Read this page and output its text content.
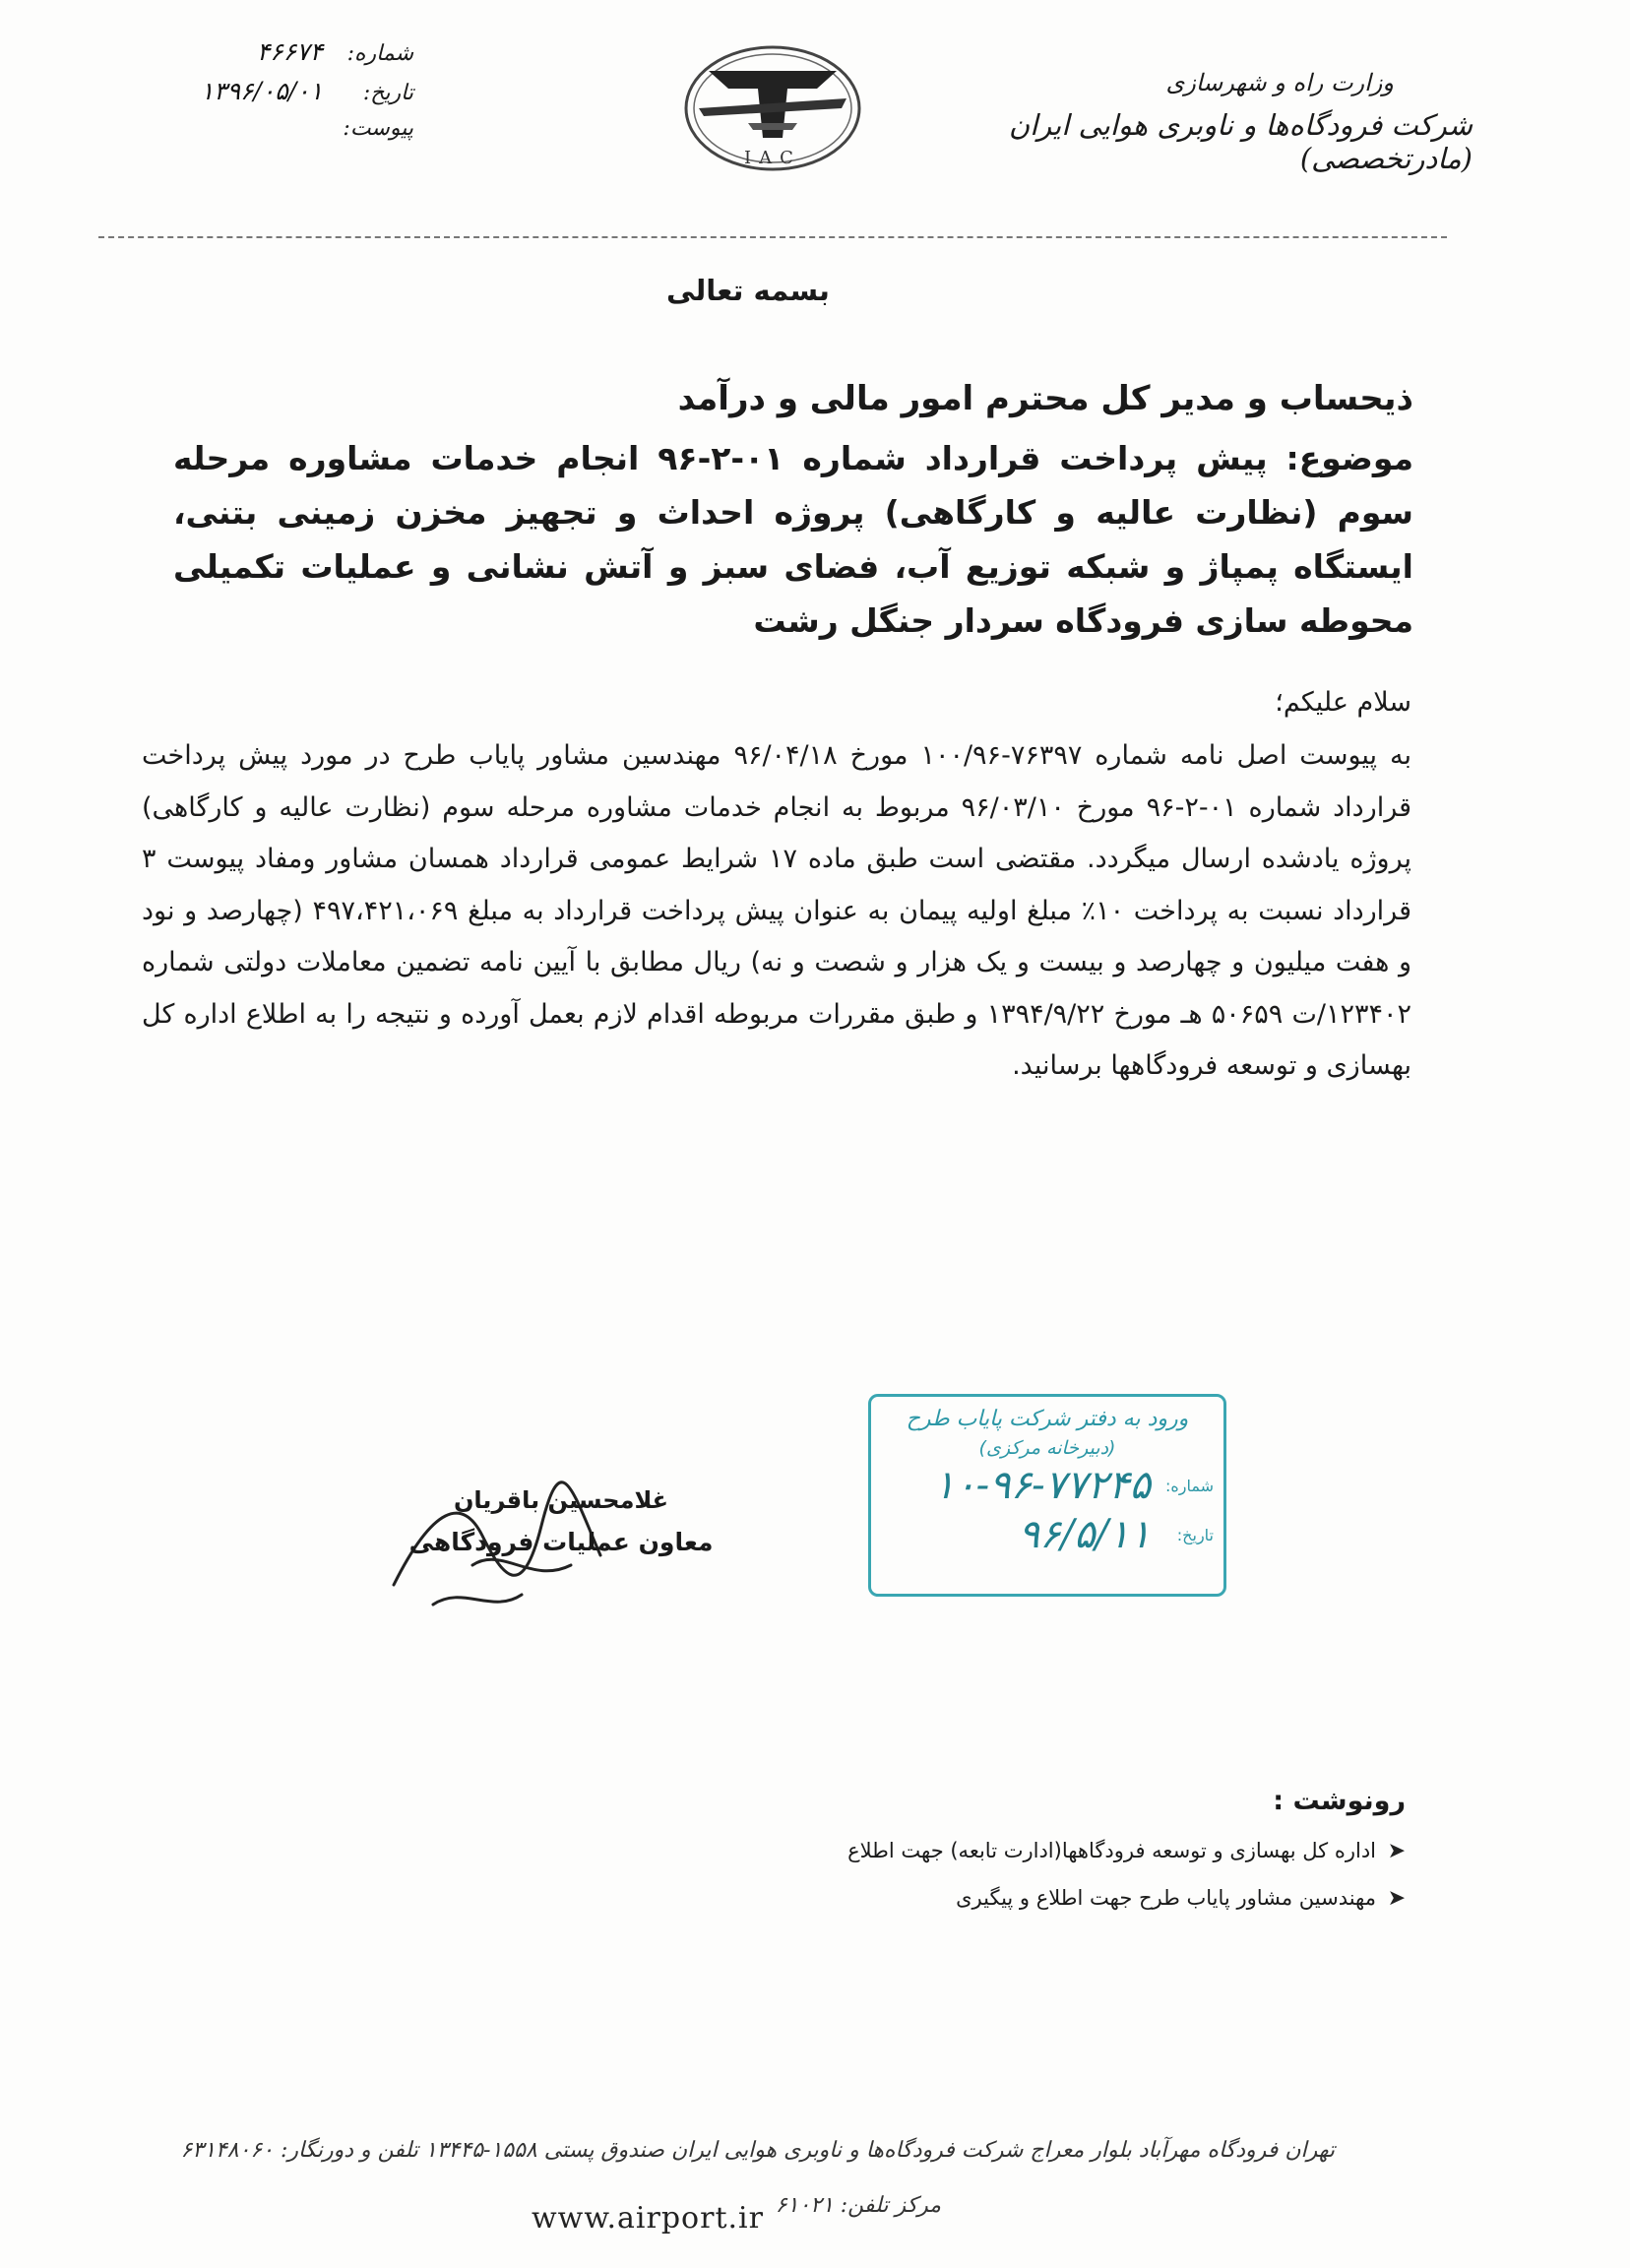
وزارت راه و شهرسازی
شرکت فرودگاه‌ها و ناوبری هوایی ایران (مادرتخصصی)
IAC
شماره:
۴۶۶۷۴
تاریخ:
۱۳۹۶/۰۵/۰۱
پیوست:
بسمه تعالی
ذیحساب و مدیر کل محترم امور مالی و درآمد
موضوع: پیش پرداخت قرارداد شماره ۰۱-۲-۹۶ انجام خدمات مشاوره مرحله سوم (نظارت عالیه و کارگاهی) پروژه احداث و تجهیز مخزن زمینی بتنی، ایستگاه پمپاژ و شبکه توزیع آب، فضای سبز و آتش نشانی و عملیات تکمیلی محوطه سازی فرودگاه سردار جنگل رشت
سلام علیکم؛
به پیوست اصل نامه شماره ۷۶۳۹۷-۱۰۰/۹۶ مورخ ۹۶/۰۴/۱۸ مهندسین مشاور پایاب طرح در مورد پیش پرداخت قرارداد شماره ۰۱-۲-۹۶ مورخ ۹۶/۰۳/۱۰ مربوط به انجام خدمات مشاوره مرحله سوم (نظارت عالیه و کارگاهی) پروژه یادشده ارسال میگردد. مقتضی است طبق ماده ۱۷ شرایط عمومی قرارداد همسان مشاور ومفاد پیوست ۳ قرارداد نسبت به پرداخت ۱۰٪ مبلغ اولیه پیمان به عنوان پیش پرداخت قرارداد به مبلغ ۴۹۷،۴۲۱،۰۶۹ (چهارصد و نود و هفت میلیون و چهارصد و بیست و یک هزار و شصت و نه) ریال مطابق با آیین نامه تضمین معاملات دولتی شماره ۱۲۳۴۰۲/ت ۵۰۶۵۹ هـ مورخ ۱۳۹۴/۹/۲۲ و طبق مقررات مربوطه اقدام لازم بعمل آورده و نتیجه را به اطلاع اداره کل بهسازی و توسعه فرودگاهها برسانید.
ورود به دفتر شرکت پایاب طرح
(دبیرخانه مرکزی)
شماره:
۱۰-۹۶-۷۷۲۴۵
تاریخ:
۹۶/۵/۱۱
غلامحسین باقریان
معاون عملیات فرودگاهی
رونوشت :
➤
اداره کل بهسازی و توسعه فرودگاهها(ادارت تابعه) جهت اطلاع
➤
مهندسین مشاور پایاب طرح جهت اطلاع و پیگیری
تهران فرودگاه مهرآباد بلوار معراج شرکت فرودگاه‌ها و ناوبری هوایی ایران صندوق پستی ۱۵۵۸-۱۳۴۴۵ تلفن و دورنگار: ۶۳۱۴۸۰۶۰
مرکز تلفن: ۶۱۰۲۱
www.airport.ir
